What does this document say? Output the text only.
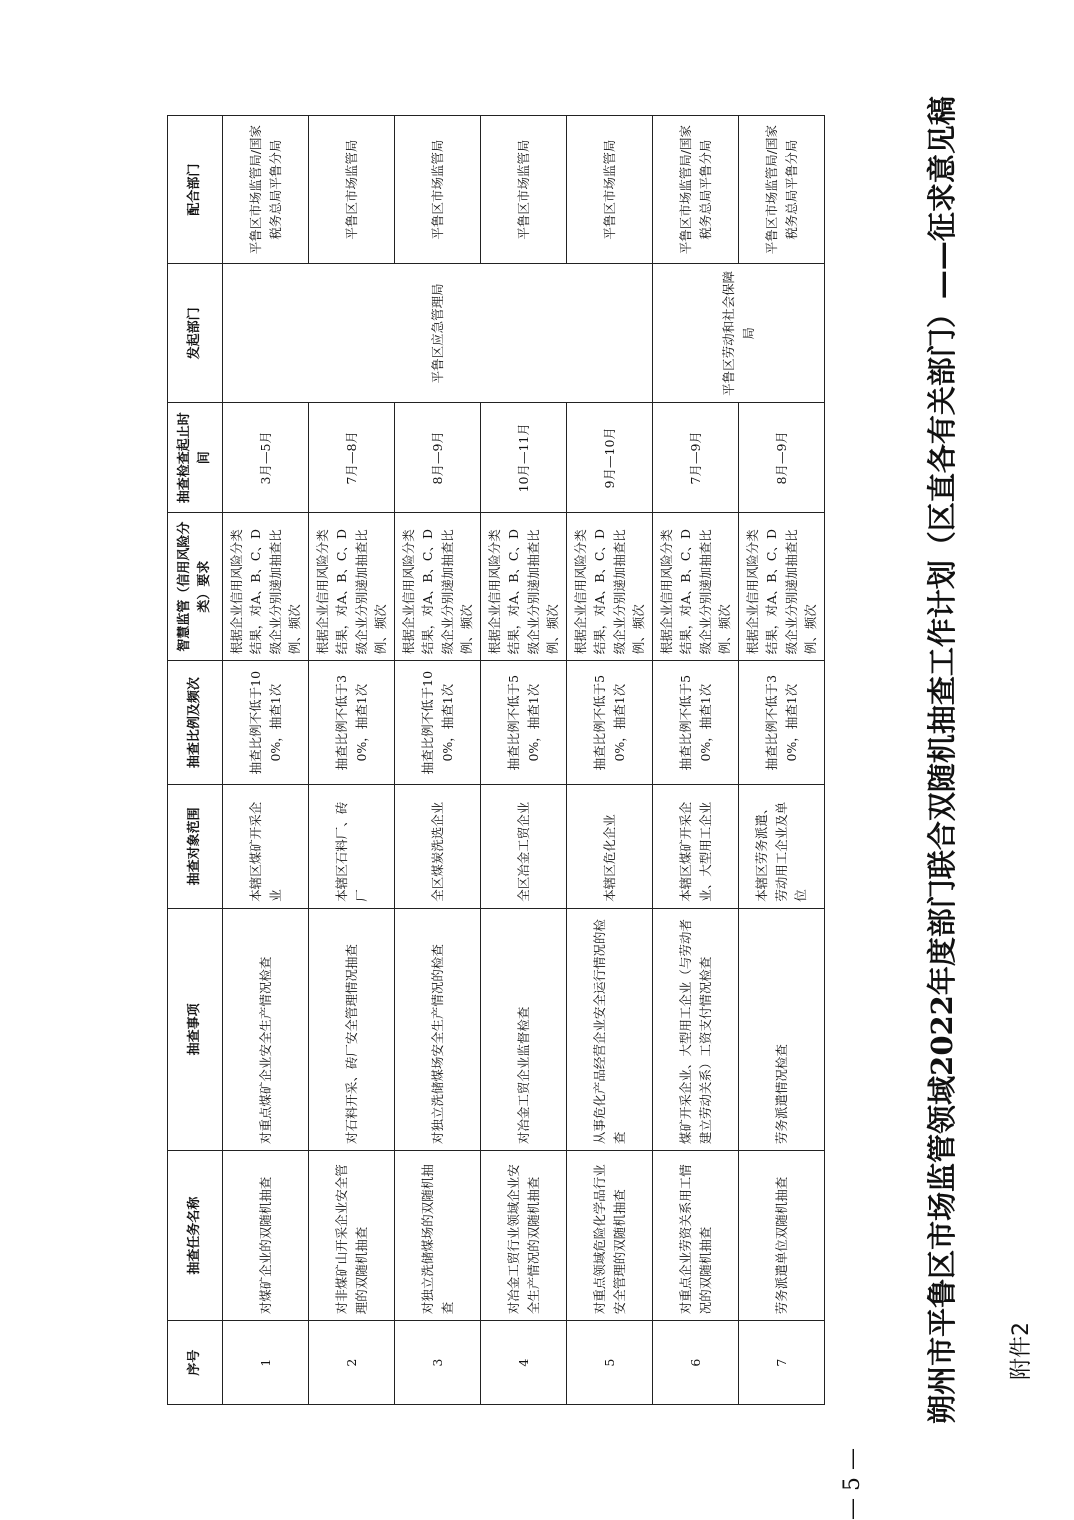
附件2
朔州市平鲁区市场监管领域2022年度部门联合双随机抽查工作计划（区直各有关部门）——征求意见稿
序号	抽查任务名称	抽查事项	抽查对象范围	抽查比例及频次	智慧监管（信用风险分类）要求	抽查检查起止时间	发起部门	配合部门
1	对煤矿企业的双随机抽查	对重点煤矿企业安全生产情况检查	本辖区煤矿开采企业	抽查比例不低于100%，抽查1次	根据企业信用风险分类结果，对A、B、C、D级企业分别递加抽查比例、频次	3月—5月	平鲁区应急管理局	平鲁区市场监管局/国家税务总局平鲁分局
2	对非煤矿山开采企业安全管理的双随机抽查	对石料开采、砖厂安全管理情况抽查	本辖区石料厂、砖厂	抽查比例不低于30%，抽查1次	根据企业信用风险分类结果，对A、B、C、D级企业分别递加抽查比例、频次	7月—8月		平鲁区市场监管局
3	对独立洗储煤场的双随机抽查	对独立洗储煤场安全生产情况的检查	全区煤炭洗选企业	抽查比例不低于100%，抽查1次	根据企业信用风险分类结果，对A、B、C、D级企业分别递加抽查比例、频次	8月—9月		平鲁区市场监管局
4	对冶金工贸行业领域企业安全生产情况的双随机抽查	对冶金工贸企业监督检查	全区冶金工贸企业	抽查比例不低于50%，抽查1次	根据企业信用风险分类结果，对A、B、C、D级企业分别递加抽查比例、频次	10月—11月		平鲁区市场监管局
5	对重点领域危险化学品行业安全管理的双随机抽查	从事危化产品经营企业安全运行情况的检查	本辖区危化企业	抽查比例不低于50%，抽查1次	根据企业信用风险分类结果，对A、B、C、D级企业分别递加抽查比例、频次	9月—10月		平鲁区市场监管局
6	对重点企业劳资关系用工情况的双随机抽查	煤矿开采企业、大型用工企业（与劳动者建立劳动关系）工资支付情况检查	本辖区煤矿开采企业、大型用工企业	抽查比例不低于50%，抽查1次	根据企业信用风险分类结果，对A、B、C、D级企业分别递加抽查比例、频次	7月—9月	平鲁区劳动和社会保障局	平鲁区市场监管局/国家税务总局平鲁分局
7	劳务派遣单位双随机抽查	劳务派遣情况检查	本辖区劳务派遣、劳动用工企业及单位	抽查比例不低于30%，抽查1次	根据企业信用风险分类结果，对A、B、C、D级企业分别递加抽查比例、频次	8月—9月		平鲁区市场监管局/国家税务总局平鲁分局
— 5 —
